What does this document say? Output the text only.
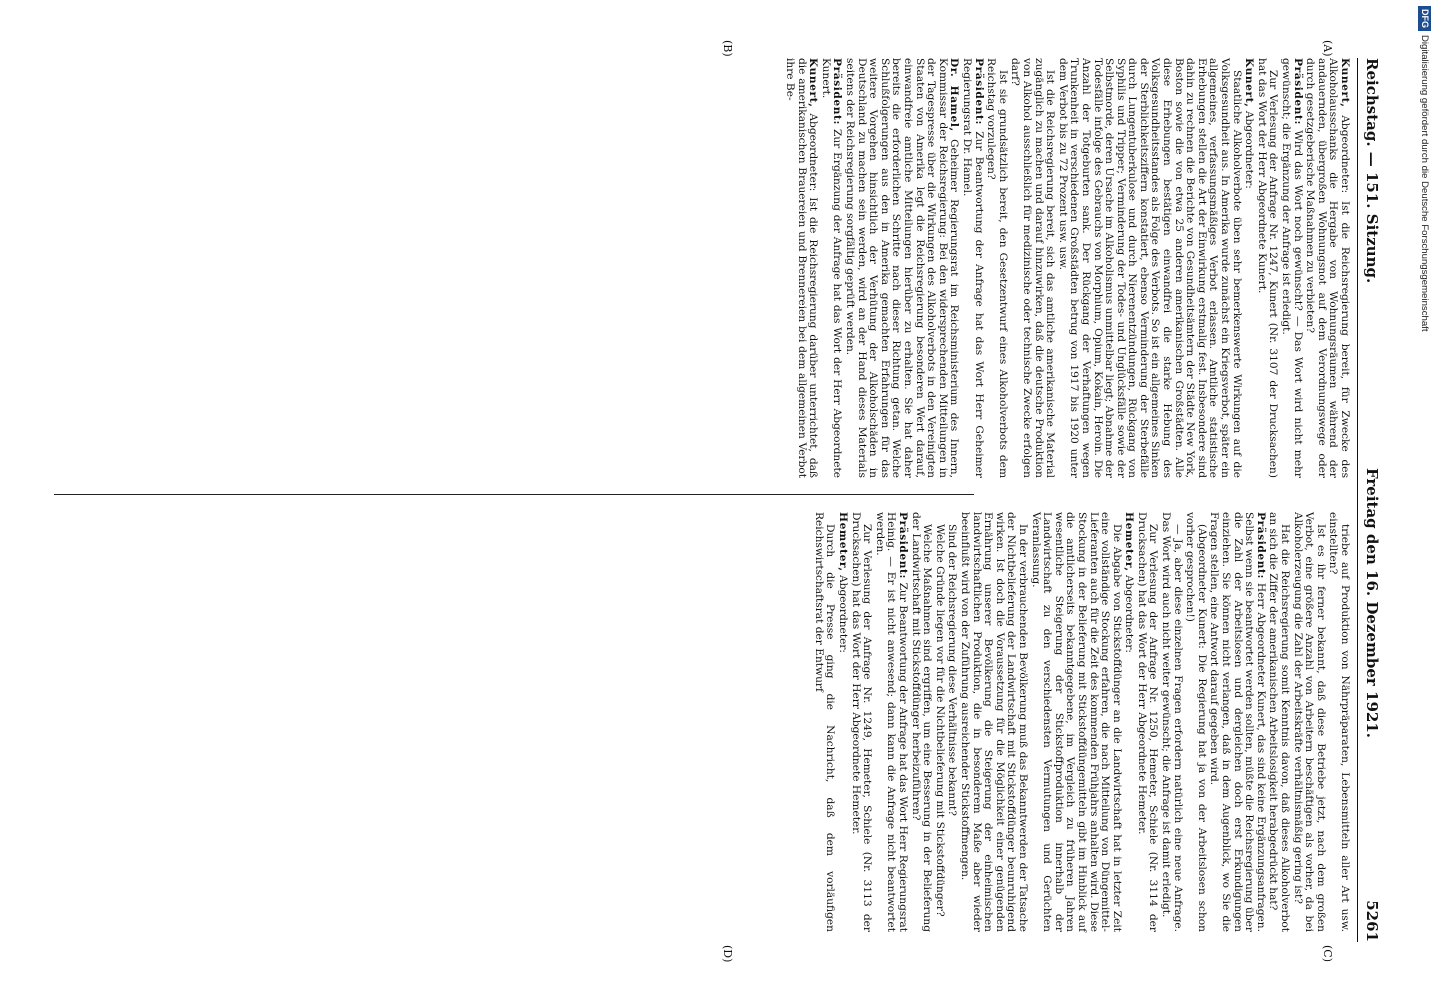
Reichstag. — 151. Sitzung.
Freitag den 16. Dezember 1921.
5261

Kunert, Abgeordneter: Ist die Reichsregierung bereit, für Zwecke des Alkoholausschanks die Hergabe von Wohnungsräumen während der andauernden, übergroßen Wohnungsnot auf dem Verordnungswege oder durch gesetzgeberische Maßnahmen zu verbieten?

Präsident: Wird das Wort noch gewünscht? — Das Wort wird nicht mehr gewünscht; die Ergänzung der Anfrage ist erledigt.

Zur Verlesung der Anfrage Nr. 1247, Kunert (Nr. 3107 der Drucksachen) hat das Wort der Herr Abgeordnete Kunert.

Kunert, Abgeordneter:

Staatliche Alkoholverbote üben sehr bemerkenswerte Wirkungen auf die Volksgesundheit aus. In Amerika wurde zunächst ein Kriegsverbot, später ein allgemeines, verfassungsmäßiges Verbot erlassen. Amtliche statistische Erhebungen stellen die Art der Einwirkung erstmalig fest. Insbesondere sind dahin zu rechnen die Berichte von Gesundheitsämtern der Städte New York, Boston sowie die von etwa 25 anderen amerikanischen Großstädten. Alle diese Erhebungen bestätigen einwandfrei die starke Hebung des Volksgesundheitsstandes als Folge des Verbots. So ist ein allgemeines Sinken der Sterblichkeitsziffern konstatiert, ebenso Verminderung der Sterbefälle durch Lungentuberkulose und durch Nierenentzündungen, Rückgang von Syphilis und Tripper; Verminderung der Todes- und Unglücksfälle sowie der Selbstmorde, deren Ursache im Alkoholismus unmittelbar liegt; Abnahme der Todesfälle infolge des Gebrauchs von Morphium, Opium, Kokain, Heroin. Die Anzahl der Totgeburten sank. Der Rückgang der Verhaftungen wegen Trunkenheit in verschiedenen Großstädten betrug von 1917 bis 1920 unter dem Verbot bis zu 72 Prozent usw. usw.

Ist die Reichsregierung bereit, sich das amtliche amerikanische Material zugänglich zu machen und darauf hinzuwirken, daß die deutsche Produktion von Alkohol ausschließlich für medizinische oder technische Zwecke erfolgen darf?

Ist sie grundsätzlich bereit, den Gesetzentwurf eines Alkoholverbots dem Reichstag vorzulegen?

Präsident: Zur Beantwortung der Anfrage hat das Wort Herr Geheimer Regierungsrat Dr. Hamel.

Dr. Hamel, Geheimer Regierungsrat im Reichsministerium des Innern, Kommissar der Reichsregierung: Bei den widersprechenden Mitteilungen in der Tagespresse über die Wirkungen des Alkoholverbots in den Vereinigten Staaten von Amerika legt die Reichsregierung besonderen Wert darauf, einwandfreie amtliche Mitteilungen hierüber zu erhalten. Sie hat daher bereits die erforderlichen Schritte nach dieser Richtung getan. Welche Schlußfolgerungen aus den in Amerika gemachten Erfahrungen für das weitere Vorgehen hinsichtlich der Verhütung der Alkoholschäden in Deutschland zu machen sein werden, wird an der Hand dieses Materials seitens der Reichsregierung sorgfältig geprüft werden.

Präsident: Zur Ergänzung der Anfrage hat das Wort der Herr Abgeordnete Kunert.

Kunert, Abgeordneter: Ist die Reichsregierung darüber unterrichtet, daß die amerikanischen Brauereien und Brennereien bei dem allgemeinen Verbot ihre Be-

triebe auf Produktion von Nährpräparaten, Lebensmitteln aller Art usw. einstellten?

Ist es ihr ferner bekannt, daß diese Betriebe jetzt, nach dem großen Verbot, eine größere Anzahl von Arbeitern beschäftigen als vorher, da bei Alkoholerzeugung die Zahl der Arbeitskräfte verhältnismäßig gering ist?

Hat die Reichsregierung somit Kenntnis davon, daß dieses Alkoholverbot an sich die Ziffer der amerikanischen Arbeitslosigkeit herabgedrückt hat?

Präsident: Herr Abgeordneter Kunert, das sind keine Ergänzungsanfragen. Selbst wenn sie beantwortet werden sollten, müßte die Reichsregierung über die Zahl der Arbeitslosen und dergleichen doch erst Erkundigungen einziehen. Sie können nicht verlangen, daß in dem Augenblick, wo Sie die Fragen stellen, eine Antwort darauf gegeben wird.

(Abgeordneter Kunert: Die Regierung hat ja von der Arbeitslosen schon vorher gesprochen!)

— Ja, aber diese einzelnen Fragen erfordern natürlich eine neue Anfrage. Das Wort wird auch nicht weiter gewünscht; die Anfrage ist damit erledigt.

Zur Verlesung der Anfrage Nr. 1250, Hemeter, Schiele (Nr. 3114 der Drucksachen) hat das Wort der Herr Abgeordnete Hemeter.

Hemeter, Abgeordneter:

Die Abgabe von Stickstoffdünger an die Landwirtschaft hat in letzter Zeit eine vollständige Stockung erfahren, die nach Mitteilung von Düngemittel-Lieferanten auch für die Zeit des kommenden Frühjahrs anhalten wird. Diese Stockung in der Belieferung mit Stickstoffdüngemitteln gibt im Hinblick auf die amtlicherseits bekanntgegebene, im Vergleich zu früheren Jahren wesentliche Steigerung der Stickstoffproduktion innerhalb der Landwirtschaft zu den verschiedensten Vermutungen und Gerüchten Veranlassung.

In der verbrauchenden Bevölkerung muß das Bekanntwerden der Tatsache der Nichtbelieferung der Landwirtschaft mit Stickstoffdünger beunruhigend wirken. Ist doch die Voraussetzung für die Möglichkeit einer genügenden Ernährung unserer Bevölkerung die Steigerung der einheimischen landwirtschaftlichen Produktion, die in besonderem Maße aber wieder beeinflußt wird von der Zuführung ausreichender Stickstoffmengen.

Sind der Reichsregierung diese Verhältnisse bekannt?

Welche Gründe liegen vor für die Nichtbelieferung mit Stickstoffdünger?

Welche Maßnahmen sind ergriffen, um eine Besserung in der Belieferung der Landwirtschaft mit Stickstoffdünger herbeizuführen?

Präsident: Zur Beantwortung der Anfrage hat das Wort Herr Regierungsrat Heinig. — Er ist nicht anwesend; dann kann die Anfrage nicht beantwortet werden.

Zur Verlesung der Anfrage Nr. 1249, Hemeter, Schiele (Nr. 3113 der Drucksachen) hat das Wort der Herr Abgeordnete Hemeter.

Hemeter, Abgeordneter:

Durch die Presse ging die Nachricht, daß dem vorläufigen Reichswirtschaftsrat der Entwurf

(A)
(B)
(C)
(D)
DFGDigitalisierung gefördert durch die Deutsche Forschungsgemeinschaft
